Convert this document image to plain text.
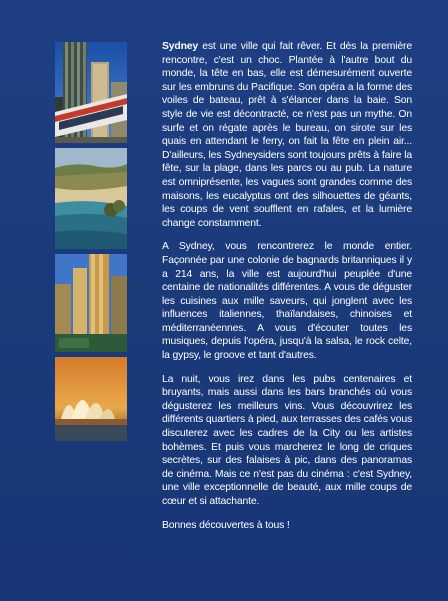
Sydney est une ville qui fait rêver. Et dès la première rencontre, c'est un choc. Plantée à l'autre bout du monde, la tête en bas, elle est démesurément ouverte sur les embruns du Pacifique. Son opéra a la forme des voiles de bateau, prêt à s'élancer dans la baie. Son style de vie est décontracté, ce n'est pas un mythe. On surfe et on régate après le bureau, on sirote sur les quais en attendant le ferry, on fait la fête en plein air... D'ailleurs, les Sydneysiders sont toujours prêts à faire la fête, sur la plage, dans les parcs ou au pub. La nature est omniprésente, les vagues sont grandes comme des maisons, les eucalyptus ont des silhouettes de géants, les coups de vent soufflent en rafales, et la lumière change constamment.

A Sydney, vous rencontrerez le monde entier. Façonnée par une colonie de bagnards britanniques il y a 214 ans, la ville est aujourd'hui peuplée d'une centaine de nationalités différentes. A vous de déguster les cuisines aux mille saveurs, qui jonglent avec les influences italiennes, thaïlandaises, chinoises et méditerranéennes. A vous d'écouter toutes les musiques, depuis l'opéra, jusqu'à la salsa, le rock celte, la gypsy, le groove et tant d'autres.

La nuit, vous irez dans les pubs centenaires et bruyants, mais aussi dans les bars branchés où vous dégusterez les meilleurs vins. Vous découvrirez les différents quartiers à pied, aux terrasses des cafés vous discuterez avec les cadres de la City ou les artistes bohèmes. Et puis vous marcherez le long de criques secrètes, sur des falaises à pic, dans des panoramas de cinéma. Mais ce n'est pas du cinéma : c'est Sydney, une ville exceptionnelle de beauté, aux mille coups de cœur et si attachante.

Bonnes découvertes à tous !
